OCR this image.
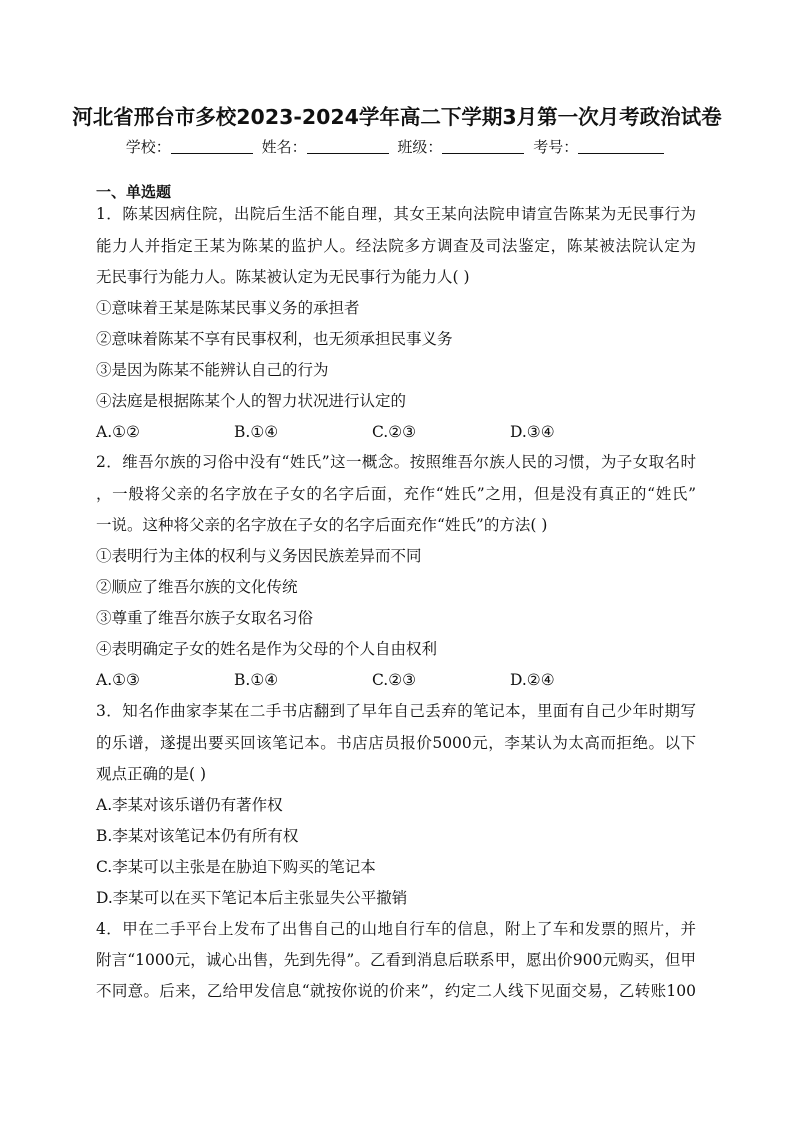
河北省邢台市多校2023-2024学年高二下学期3月第一次月考政治试卷
学校：	姓名：	班级：	考号：
一、单选题
1．陈某因病住院，出院后生活不能自理，其女王某向法院申请宣告陈某为无民事行为
能力人并指定王某为陈某的监护人。经法院多方调查及司法鉴定，陈某被法院认定为
无民事行为能力人。陈某被认定为无民事行为能力人( )
①意味着王某是陈某民事义务的承担者
②意味着陈某不享有民事权利，也无须承担民事义务
③是因为陈某不能辨认自己的行为
④法庭是根据陈某个人的智力状况进行认定的
A.①②	B.①④	C.②③	D.③④
2．维吾尔族的习俗中没有“姓氏”这一概念。按照维吾尔族人民的习惯，为子女取名时
，一般将父亲的名字放在子女的名字后面，充作“姓氏”之用，但是没有真正的“姓氏”
一说。这种将父亲的名字放在子女的名字后面充作“姓氏”的方法( )
①表明行为主体的权利与义务因民族差异而不同
②顺应了维吾尔族的文化传统
③尊重了维吾尔族子女取名习俗
④表明确定子女的姓名是作为父母的个人自由权利
A.①③	B.①④	C.②③	D.②④
3．知名作曲家李某在二手书店翻到了早年自己丢弃的笔记本，里面有自己少年时期写
的乐谱，遂提出要买回该笔记本。书店店员报价5000元，李某认为太高而拒绝。以下
观点正确的是( )
A.李某对该乐谱仍有著作权
B.李某对该笔记本仍有所有权
C.李某可以主张是在胁迫下购买的笔记本
D.李某可以在买下笔记本后主张显失公平撤销
4．甲在二手平台上发布了出售自己的山地自行车的信息，附上了车和发票的照片，并
附言“1000元，诚心出售，先到先得”。乙看到消息后联系甲，愿出价900元购买，但甲
不同意。后来，乙给甲发信息“就按你说的价来”，约定二人线下见面交易，乙转账100
